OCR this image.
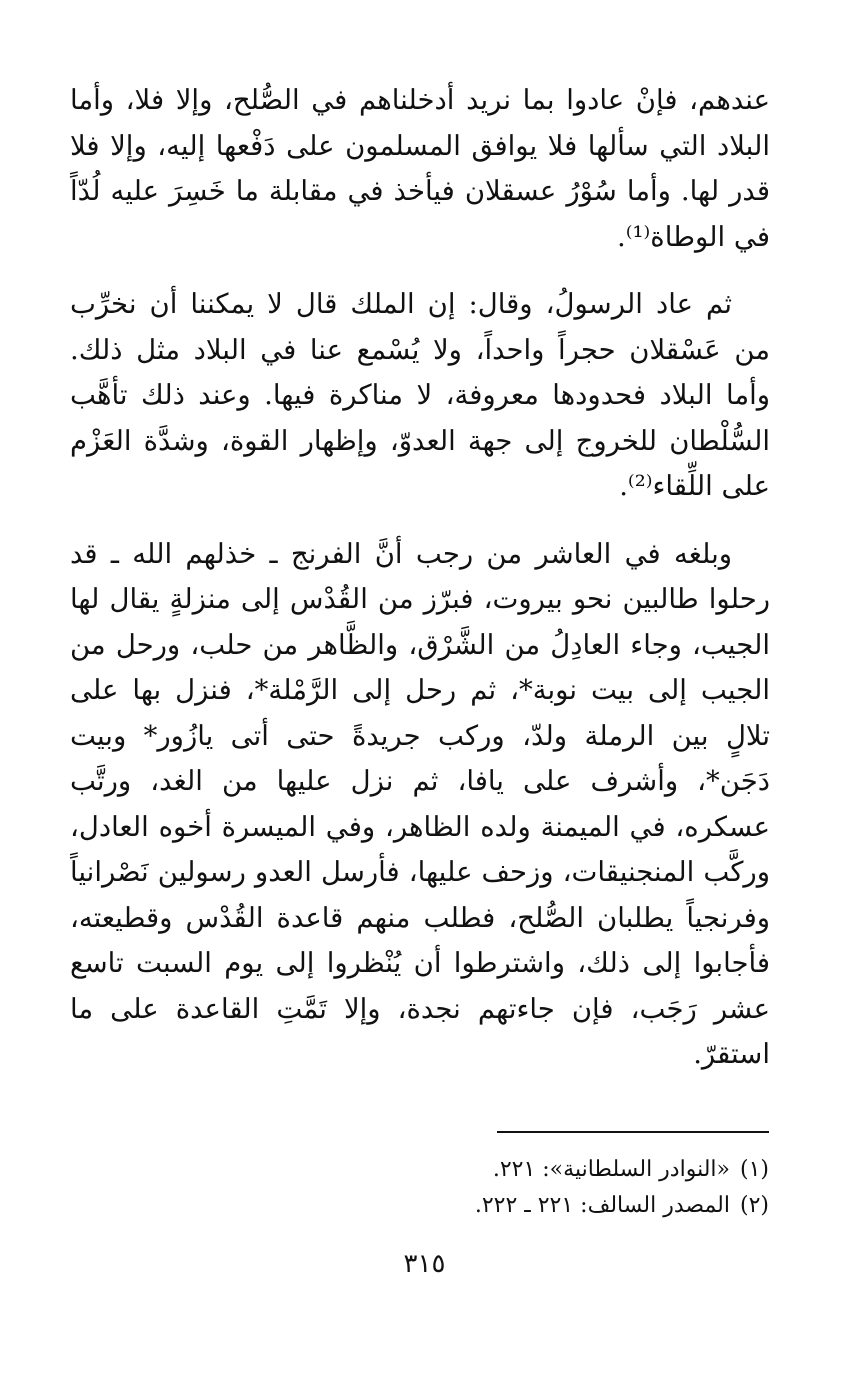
عندهم، فإنْ عادوا بما نريد أدخلناهم في الصُّلح، وإلا فلا، وأما البلاد التي سألها فلا يوافق المسلمون على دَفْعها إليه، وإلا فلا قدر لها. وأما سُوْرُ عسقلان فيأخذ في مقابلة ما خَسِرَ عليه لُدّاً في الوطاة⁽¹⁾.

ثم عاد الرسولُ، وقال: إن الملك قال لا يمكننا أن نخرِّب من عَسْقلان حجراً واحداً، ولا يُسْمع عنا في البلاد مثل ذلك. وأما البلاد فحدودها معروفة، لا مناكرة فيها. وعند ذلك تأهَّب السُّلْطان للخروج إلى جهة العدوّ، وإظهار القوة، وشدَّة العَزْم على اللِّقاء⁽²⁾.

وبلغه في العاشر من رجب أنَّ الفرنج ـ خذلهم الله ـ قد رحلوا طالبين نحو بيروت، فبرّز من القُدْس إلى منزلةٍ يقال لها الجيب، وجاء العادِلُ من الشَّرْق، والظَّاهر من حلب، ورحل من الجيب إلى بيت نوبة*، ثم رحل إلى الرَّمْلة*، فنزل بها على تلالٍ بين الرملة ولدّ، وركب جريدةً حتى أتى يازُور* وبيت دَجَن*، وأشرف على يافا، ثم نزل عليها من الغد، ورتَّب عسكره، في الميمنة ولده الظاهر، وفي الميسرة أخوه العادل، وركَّب المنجنيقات، وزحف عليها، فأرسل العدو رسولين نَصْرانياً وفرنجياً يطلبان الصُّلح، فطلب منهم قاعدة القُدْس وقطيعته، فأجابوا إلى ذلك، واشترطوا أن يُنْظروا إلى يوم السبت تاسع عشر رَجَب، فإن جاءتهم نجدة، وإلا تَمَّتِ القاعدة على ما استقرّ.

(١)«النوادر السلطانية»: ٢٢١.
(٢)المصدر السالف: ٢٢١ ـ ٢٢٢.
٣١٥
